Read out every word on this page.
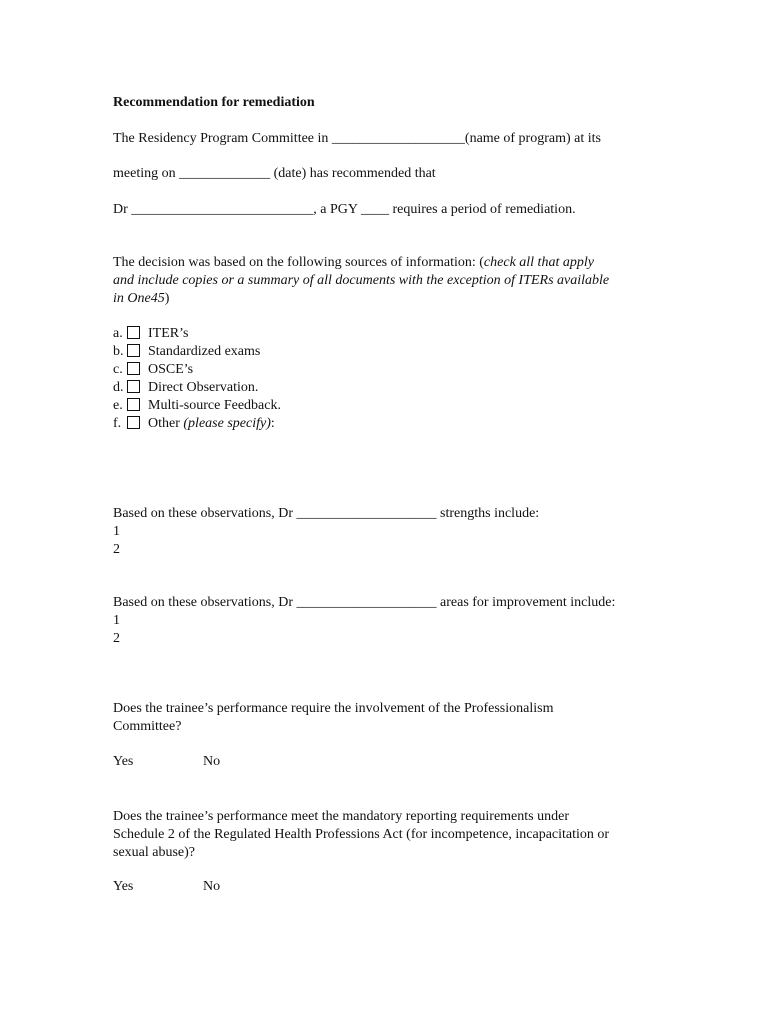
Recommendation for remediation
The Residency Program Committee in ___________________(name of program) at its
meeting on _____________ (date) has recommended that
Dr __________________________, a PGY ____ requires a period of remediation.
The decision was based on the following sources of information: (check all that apply
and include copies or a summary of all documents with the exception of ITERs available
in One45)
a. ITER’s
b. Standardized exams
c. OSCE’s
d. Direct Observation.
e. Multi-source Feedback.
f. Other (please specify):
Based on these observations, Dr ____________________ strengths include:
1
2
Based on these observations, Dr ____________________ areas for improvement include:
1
2
Does the trainee’s performance require the involvement of the Professionalism
Committee?
Yes	No
Does the trainee’s performance meet the mandatory reporting requirements under
Schedule 2 of the Regulated Health Professions Act (for incompetence, incapacitation or
sexual abuse)?
Yes	No
